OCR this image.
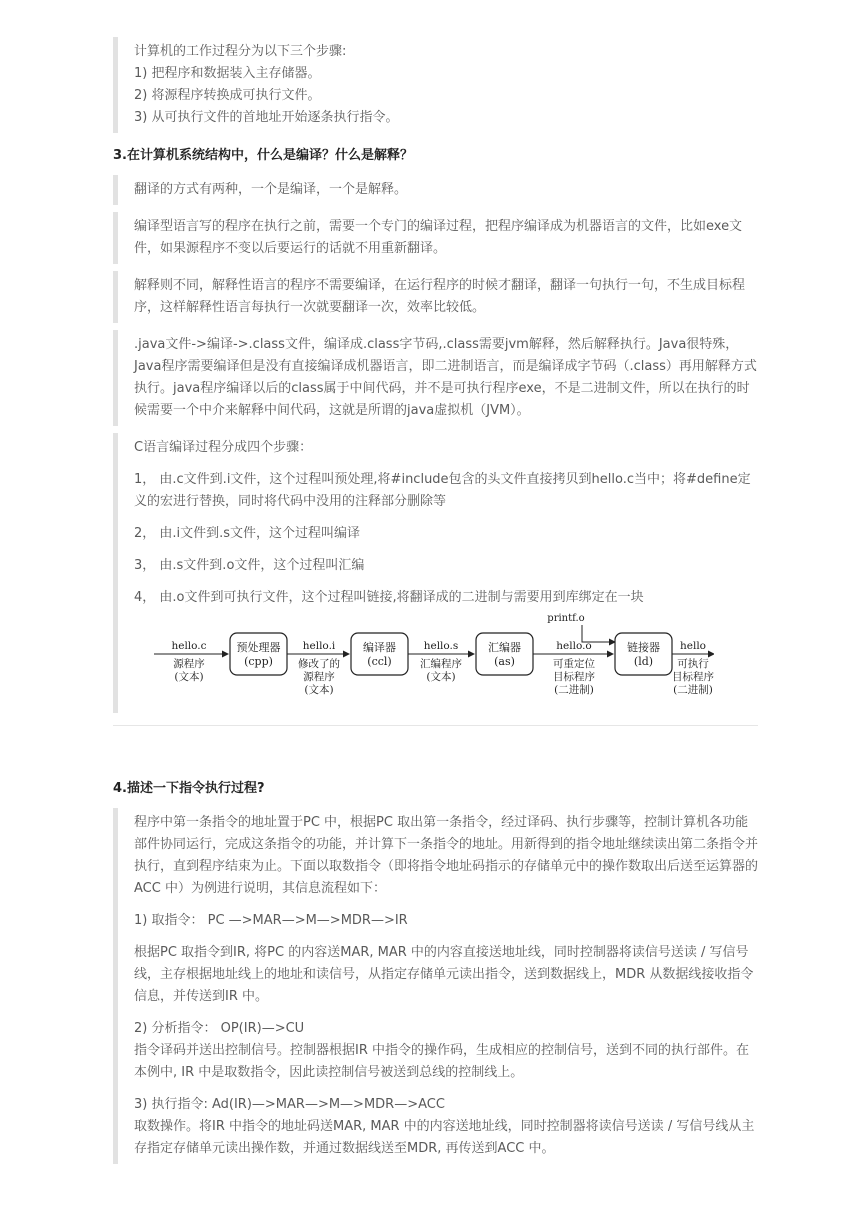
计算机的工作过程分为以下三个步骤:

1) 把程序和数据装入主存储器。

2) 将源程序转换成可执行文件。

3) 从可执行文件的首地址开始逐条执行指令。

3.在计算机系统结构中，什么是编译？什么是解释？

翻译的方式有两种，一个是编译，一个是解释。

编译型语言写的程序在执行之前，需要一个专门的编译过程，把程序编译成为机器语言的文件，比如exe文件，如果源程序不变以后要运行的话就不用重新翻译。

解释则不同，解释性语言的程序不需要编译，在运行程序的时候才翻译，翻译一句执行一句，不生成目标程序，这样解释性语言每执行一次就要翻译一次，效率比较低。

.java文件->编译->.class文件，编译成.class字节码,.class需要jvm解释，然后解释执行。Java很特殊，Java程序需要编译但是没有直接编译成机器语言，即二进制语言，而是编译成字节码（.class）再用解释方式执行。java程序编译以后的class属于中间代码，并不是可执行程序exe，不是二进制文件，所以在执行的时候需要一个中介来解释中间代码，这就是所谓的java虚拟机（JVM）。

C语言编译过程分成四个步骤：

1， 由.c文件到.i文件，这个过程叫预处理,将#include包含的头文件直接拷贝到hello.c当中；将#define定义的宏进行替换，同时将代码中没用的注释部分删除等

2， 由.i文件到.s文件，这个过程叫编译

3， 由.s文件到.o文件，这个过程叫汇编

4， 由.o文件到可执行文件，这个过程叫链接,将翻译成的二进制与需要用到库绑定在一块

printf.o
预处理器
(cpp)
编译器
(ccl)
汇编器
(as)
链接器
(ld)
hello.c
源程序
(文本)
hello.i
修改了的
源程序
(文本)
hello.s
汇编程序
(文本)
hello.o
可重定位
目标程序
(二进制)
hello
可执行
目标程序
(二进制)
4.描述一下指令执行过程?

程序中第一条指令的地址置于PC 中，根据PC 取出第一条指令，经过译码、执行步骤等，控制计算机各功能部件协同运行，完成这条指令的功能，并计算下一条指令的地址。用新得到的指令地址继续读出第二条指令并执行，直到程序结束为止。下面以取数指令（即将指令地址码指示的存储单元中的操作数取出后送至运算器的ACC 中）为例进行说明，其信息流程如下：

1) 取指令： PC —>MAR—>M—>MDR—>IR

根据PC 取指令到IR, 将PC 的内容送MAR, MAR 中的内容直接送地址线，同时控制器将读信号送读 / 写信号线，主存根据地址线上的地址和读信号，从指定存储单元读出指令，送到数据线上，MDR 从数据线接收指令信息，并传送到IR 中。

2) 分析指令： OP(IR)—>CU

指令译码并送出控制信号。控制器根据IR 中指令的操作码，生成相应的控制信号，送到不同的执行部件。在本例中, IR 中是取数指令，因此读控制信号被送到总线的控制线上。

3) 执行指令: Ad(IR)—>MAR—>M—>MDR—>ACC

取数操作。将IR 中指令的地址码送MAR, MAR 中的内容送地址线，同时控制器将读信号送读 / 写信号线从主存指定存储单元读出操作数，并通过数据线送至MDR, 再传送到ACC 中。
